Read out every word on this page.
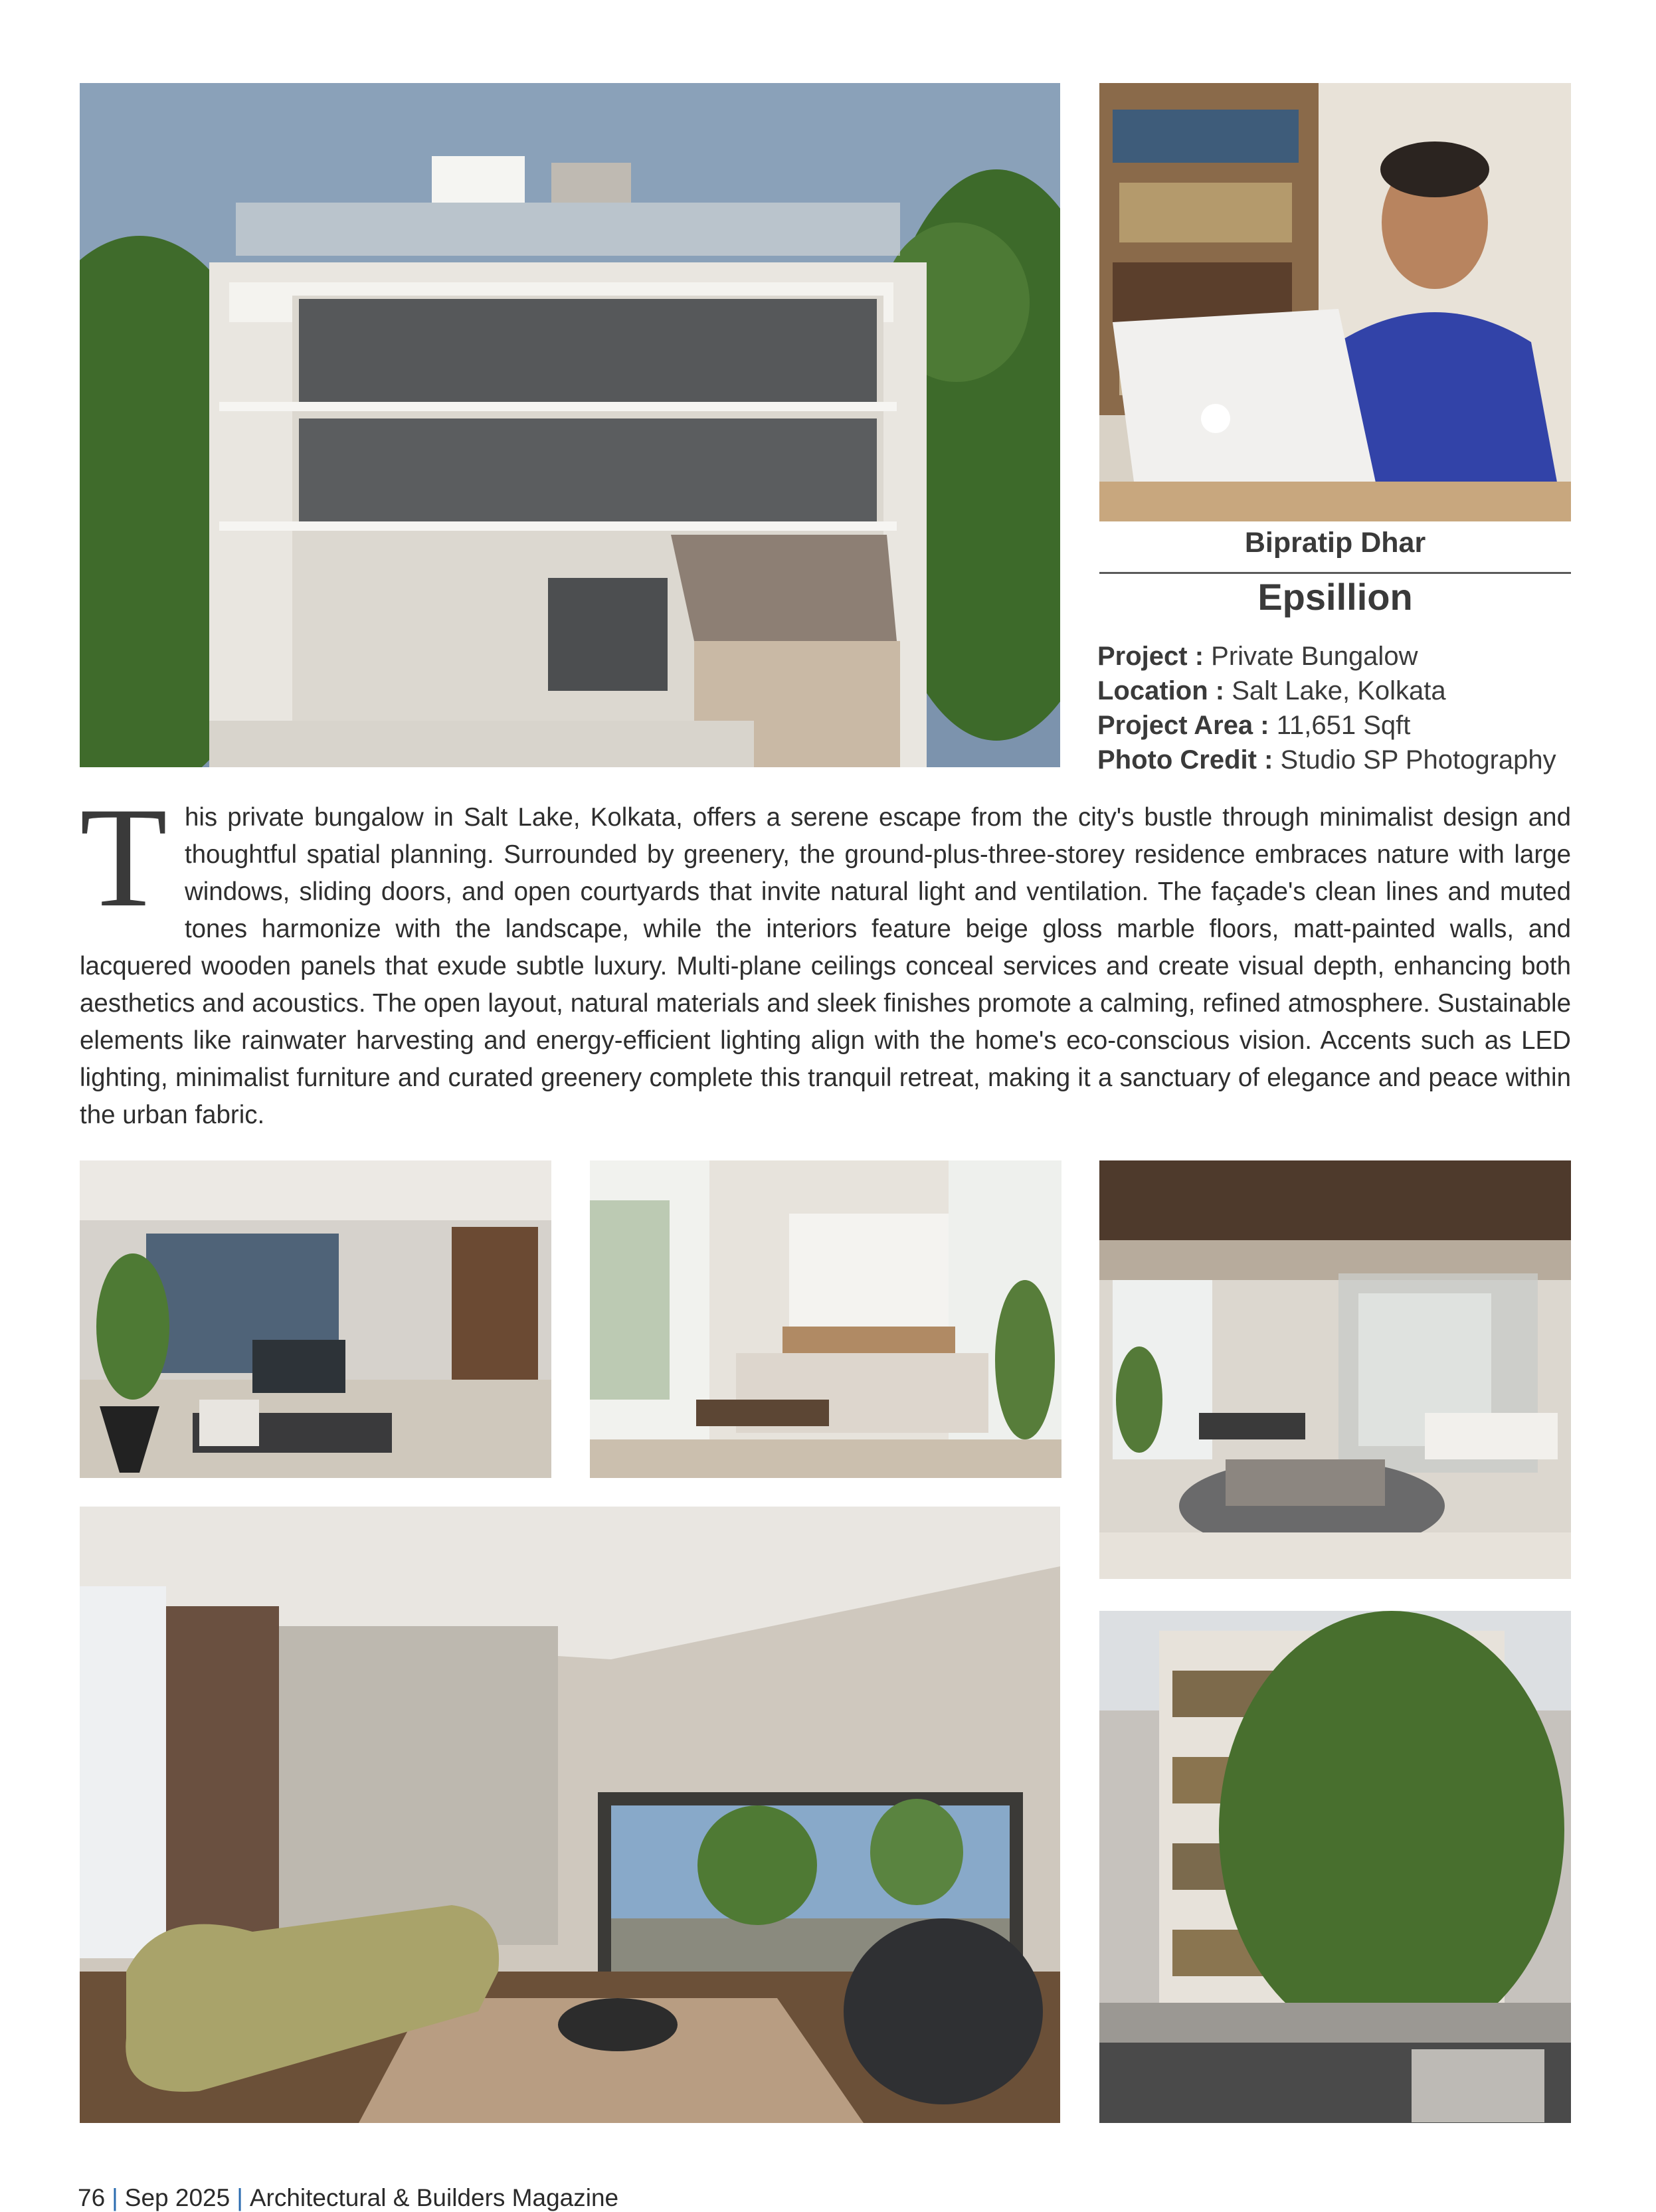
Bipratip Dhar
Epsillion
Project : Private Bungalow
Location : Salt Lake, Kolkata
Project Area : 11,651 Sqft
Photo Credit : Studio SP Photography
This private bungalow in Salt Lake, Kolkata, offers a serene escape from the city's bustle through minimalist design and thoughtful spatial planning. Surrounded by greenery, the ground-plus-three-storey residence embraces nature with large windows, sliding doors, and open courtyards that invite natural light and ventilation. The façade's clean lines and muted tones harmonize with the landscape, while the interiors feature beige gloss marble floors, matt-painted walls, and lacquered wooden panels that exude subtle luxury. Multi-plane ceilings conceal services and create visual depth, enhancing both aesthetics and acoustics. The open layout, natural materials and sleek finishes promote a calming, refined atmosphere. Sustainable elements like rainwater harvesting and energy-efficient lighting align with the home's eco-conscious vision. Accents such as LED lighting, minimalist furniture and curated greenery complete this tranquil retreat, making it a sanctuary of elegance and peace within the urban fabric.
76 | Sep 2025 | Architectural & Builders Magazine
